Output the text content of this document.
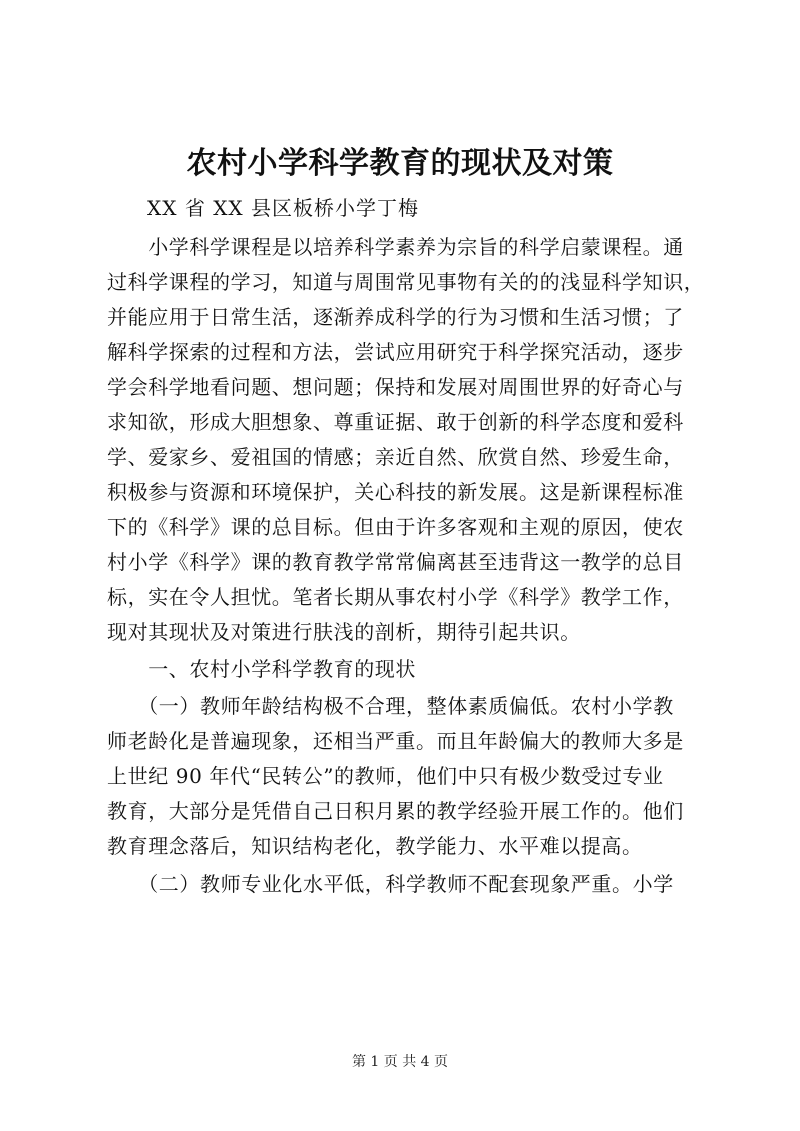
农村小学科学教育的现状及对策
XX 省 XX 县区板桥小学丁梅
　　小学科学课程是以培养科学素养为宗旨的科学启蒙课程。通
过科学课程的学习，知道与周围常见事物有关的的浅显科学知识，
并能应用于日常生活，逐渐养成科学的行为习惯和生活习惯；了
解科学探索的过程和方法，尝试应用研究于科学探究活动，逐步
学会科学地看问题、想问题；保持和发展对周围世界的好奇心与
求知欲，形成大胆想象、尊重证据、敢于创新的科学态度和爱科
学、爱家乡、爱祖国的情感；亲近自然、欣赏自然、珍爱生命，
积极参与资源和环境保护，关心科技的新发展。这是新课程标准
下的《科学》课的总目标。但由于许多客观和主观的原因，使农
村小学《科学》课的教育教学常常偏离甚至违背这一教学的总目
标，实在令人担忧。笔者长期从事农村小学《科学》教学工作，
现对其现状及对策进行肤浅的剖析，期待引起共识。
　　一、农村小学科学教育的现状
　　（一）教师年龄结构极不合理，整体素质偏低。农村小学教
师老龄化是普遍现象，还相当严重。而且年龄偏大的教师大多是
上世纪 90 年代“民转公”的教师，他们中只有极少数受过专业
教育，大部分是凭借自己日积月累的教学经验开展工作的。他们
教育理念落后，知识结构老化，教学能力、水平难以提高。
　　（二）教师专业化水平低，科学教师不配套现象严重。小学
第 1 页 共 4 页
